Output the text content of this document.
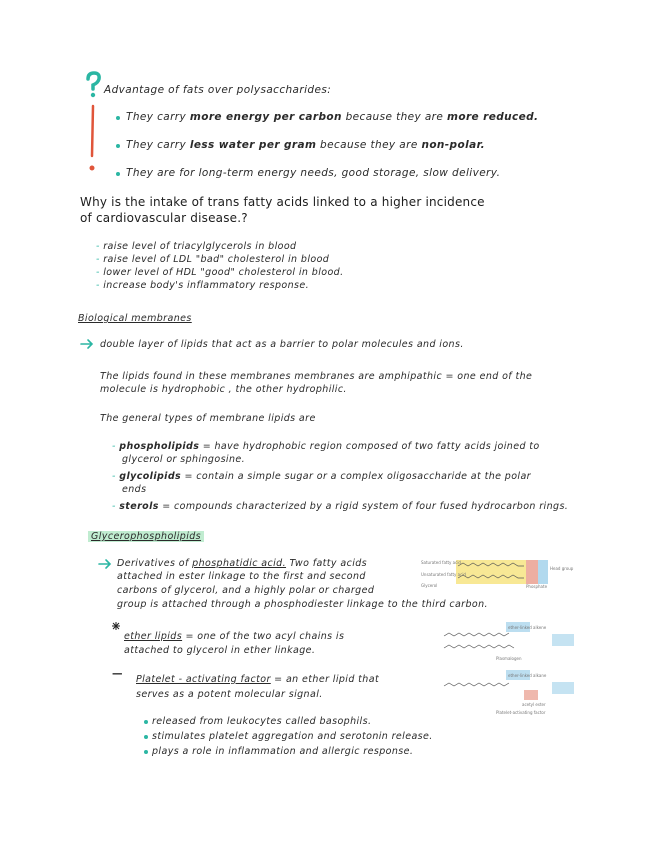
Advantage of fats over polysaccharides:
They carry more energy per carbon because they are more reduced.
They carry less water per gram because they are non-polar.
They are for long-term energy needs, good storage, slow delivery.
Why is the intake of trans fatty acids linked to a higher incidence
of cardiovascular disease.?
- raise level of triacylglycerols in blood
- raise level of LDL "bad" cholesterol in blood
- lower level of HDL "good" cholesterol in blood.
- increase body's inflammatory response.
Biological membranes
double layer of lipids that act as a barrier to polar molecules and ions.
The lipids found in these membranes membranes are amphipathic = one end of the
molecule is hydrophobic , the other hydrophilic.
The general types of membrane lipids are
- phospholipids = have hydrophobic region composed of two fatty acids joined to
glycerol or sphingosine.
- glycolipids = contain a simple sugar or a complex oligosaccharide at the polar
ends
- sterols = compounds characterized by a rigid system of four fused hydrocarbon rings.
Glycerophospholipids
Derivatives of phosphatidic acid. Two fatty acids
attached in ester linkage to the first and second
carbons of glycerol, and a highly polar or charged
group is attached through a phosphodiester linkage to the third carbon.
Saturated fatty acid
Unsaturated fatty acid
Glycerol	Phosphate
Head group
ether lipids = one of the two acyl chains is
attached to glycerol in ether linkage.
ether-linked alkene
Plasmalogen
ether-linked alkane
acetyl ester
Platelet-activating factor
— Platelet - activating factor = an ether lipid that
serves as a potent molecular signal.
released from leukocytes called basophils.
stimulates platelet aggregation and serotonin release.
plays a role in inflammation and allergic response.
